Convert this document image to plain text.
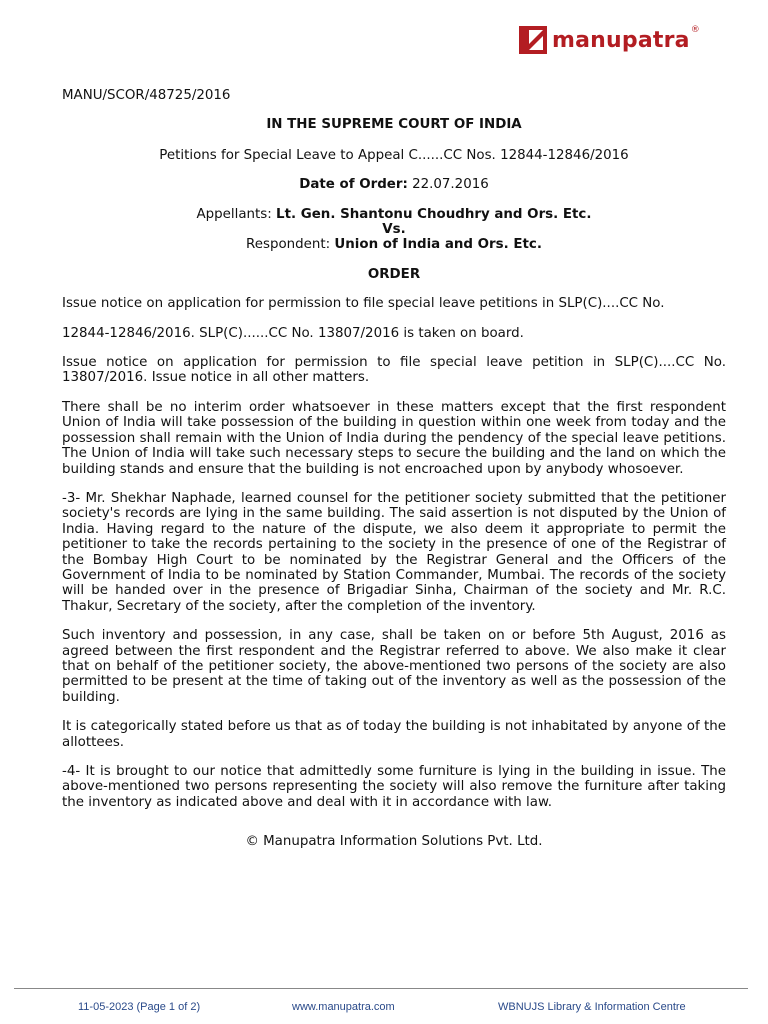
manupatra ®

MANU/SCOR/48725/2016

IN THE SUPREME COURT OF INDIA

Petitions for Special Leave to Appeal C......CC Nos. 12844-12846/2016

Date of Order: 22.07.2016

Appellants: Lt. Gen. Shantonu Choudhry and Ors. Etc.

Vs.

Respondent: Union of India and Ors. Etc.

ORDER

Issue notice on application for permission to file special leave petitions in SLP(C)....CC No.

12844-12846/2016. SLP(C)......CC No. 13807/2016 is taken on board.

Issue notice on application for permission to file special leave petition in SLP(C)....CC No. 13807/2016. Issue notice in all other matters.

There shall be no interim order whatsoever in these matters except that the first respondent Union of India will take possession of the building in question within one week from today and the possession shall remain with the Union of India during the pendency of the special leave petitions. The Union of India will take such necessary steps to secure the building and the land on which the building stands and ensure that the building is not encroached upon by anybody whosoever.

-3- Mr. Shekhar Naphade, learned counsel for the petitioner society submitted that the petitioner society's records are lying in the same building. The said assertion is not disputed by the Union of India. Having regard to the nature of the dispute, we also deem it appropriate to permit the petitioner to take the records pertaining to the society in the presence of one of the Registrar of the Bombay High Court to be nominated by the Registrar General and the Officers of the Government of India to be nominated by Station Commander, Mumbai. The records of the society will be handed over in the presence of Brigadiar Sinha, Chairman of the society and Mr. R.C. Thakur, Secretary of the society, after the completion of the inventory.

Such inventory and possession, in any case, shall be taken on or before 5th August, 2016 as agreed between the first respondent and the Registrar referred to above. We also make it clear that on behalf of the petitioner society, the above-mentioned two persons of the society are also permitted to be present at the time of taking out of the inventory as well as the possession of the building.

It is categorically stated before us that as of today the building is not inhabitated by anyone of the allottees.

-4- It is brought to our notice that admittedly some furniture is lying in the building in issue. The above-mentioned two persons representing the society will also remove the furniture after taking the inventory as indicated above and deal with it in accordance with law.

© Manupatra Information Solutions Pvt. Ltd.

11-05-2023 (Page 1 of 2)	www.manupatra.com	WBNUJS Library & Information Centre
